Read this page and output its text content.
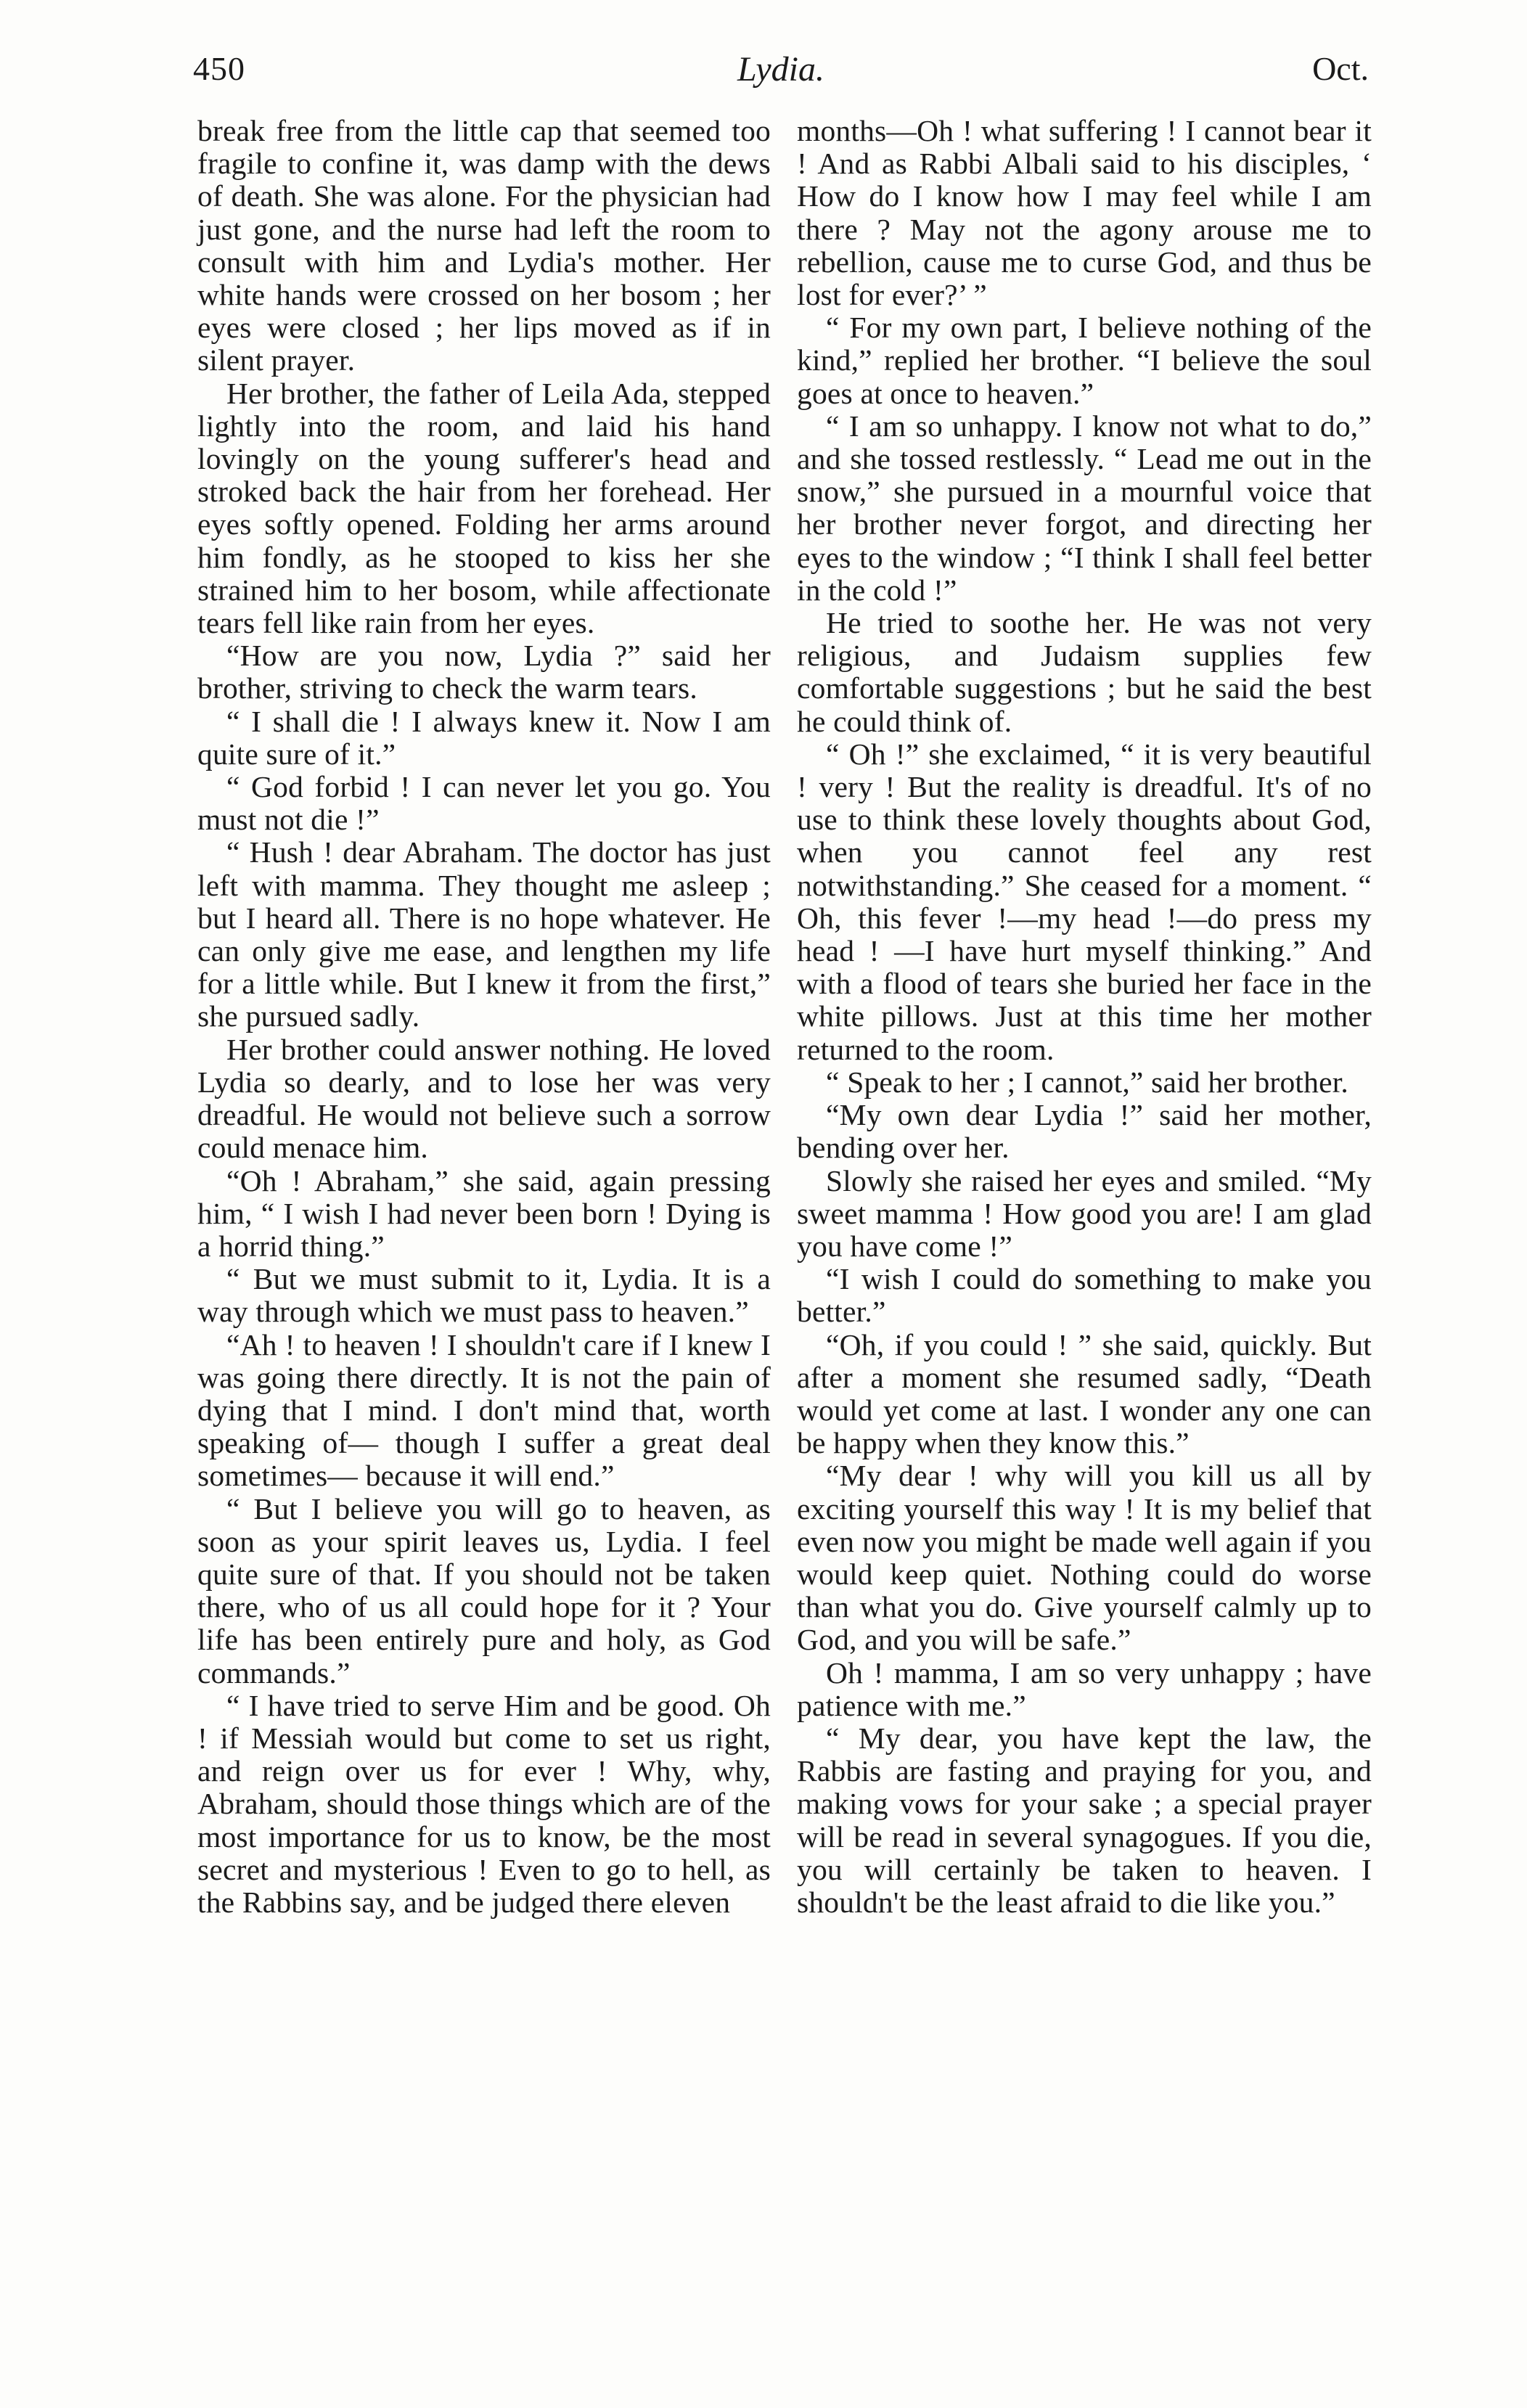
450	Lydia.	Oct.

break free from the little cap that seemed too fragile to confine it, was damp with the dews of death. She was alone. For the physician had just gone, and the nurse had left the room to consult with him and Lydia's mother. Her white hands were crossed on her bosom ; her eyes were closed ; her lips moved as if in silent prayer.

Her brother, the father of Leila Ada, stepped lightly into the room, and laid his hand lovingly on the young sufferer's head and stroked back the hair from her forehead. Her eyes softly opened. Folding her arms around him fondly, as he stooped to kiss her she strained him to her bosom, while affectionate tears fell like rain from her eyes.

“How are you now, Lydia ?” said her brother, striving to check the warm tears.

“ I shall die ! I always knew it. Now I am quite sure of it.”

“ God forbid ! I can never let you go. You must not die !”

“ Hush ! dear Abraham. The doctor has just left with mamma. They thought me asleep ; but I heard all. There is no hope whatever. He can only give me ease, and lengthen my life for a little while. But I knew it from the first,” she pursued sadly.

Her brother could answer nothing. He loved Lydia so dearly, and to lose her was very dreadful. He would not believe such a sorrow could menace him.

“Oh ! Abraham,” she said, again pressing him, “ I wish I had never been born ! Dying is a horrid thing.”

“ But we must submit to it, Lydia. It is a way through which we must pass to heaven.”

“Ah ! to heaven ! I shouldn't care if I knew I was going there directly. It is not the pain of dying that I mind. I don't mind that, worth speaking of— though I suffer a great deal sometimes— because it will end.”

“ But I believe you will go to heaven, as soon as your spirit leaves us, Lydia. I feel quite sure of that. If you should not be taken there, who of us all could hope for it ? Your life has been entirely pure and holy, as God commands.”

“ I have tried to serve Him and be good. Oh ! if Messiah would but come to set us right, and reign over us for ever ! Why, why, Abraham, should those things which are of the most importance for us to know, be the most secret and mysterious ! Even to go to hell, as the Rabbins say, and be judged there eleven

months—Oh ! what suffering ! I cannot bear it ! And as Rabbi Albali said to his disciples, ‘ How do I know how I may feel while I am there ? May not the agony arouse me to rebellion, cause me to curse God, and thus be lost for ever?’ ”

“ For my own part, I believe nothing of the kind,” replied her brother. “I believe the soul goes at once to heaven.”

“ I am so unhappy. I know not what to do,” and she tossed restlessly. “ Lead me out in the snow,” she pursued in a mournful voice that her brother never forgot, and directing her eyes to the window ; “I think I shall feel better in the cold !”

He tried to soothe her. He was not very religious, and Judaism supplies few comfortable suggestions ; but he said the best he could think of.

“ Oh !” she exclaimed, “ it is very beautiful ! very ! But the reality is dreadful. It's of no use to think these lovely thoughts about God, when you cannot feel any rest notwithstanding.” She ceased for a moment. “ Oh, this fever !—my head !—do press my head ! —I have hurt myself thinking.” And with a flood of tears she buried her face in the white pillows. Just at this time her mother returned to the room.

“ Speak to her ; I cannot,” said her brother.

“My own dear Lydia !” said her mother, bending over her.

Slowly she raised her eyes and smiled. “My sweet mamma ! How good you are! I am glad you have come !”

“I wish I could do something to make you better.”

“Oh, if you could ! ” she said, quickly. But after a moment she resumed sadly, “Death would yet come at last. I wonder any one can be happy when they know this.”

“My dear ! why will you kill us all by exciting yourself this way ! It is my belief that even now you might be made well again if you would keep quiet. Nothing could do worse than what you do. Give yourself calmly up to God, and you will be safe.”

Oh ! mamma, I am so very unhappy ; have patience with me.”

“ My dear, you have kept the law, the Rabbis are fasting and praying for you, and making vows for your sake ; a special prayer will be read in several synagogues. If you die, you will certainly be taken to heaven. I shouldn't be the least afraid to die like you.”
